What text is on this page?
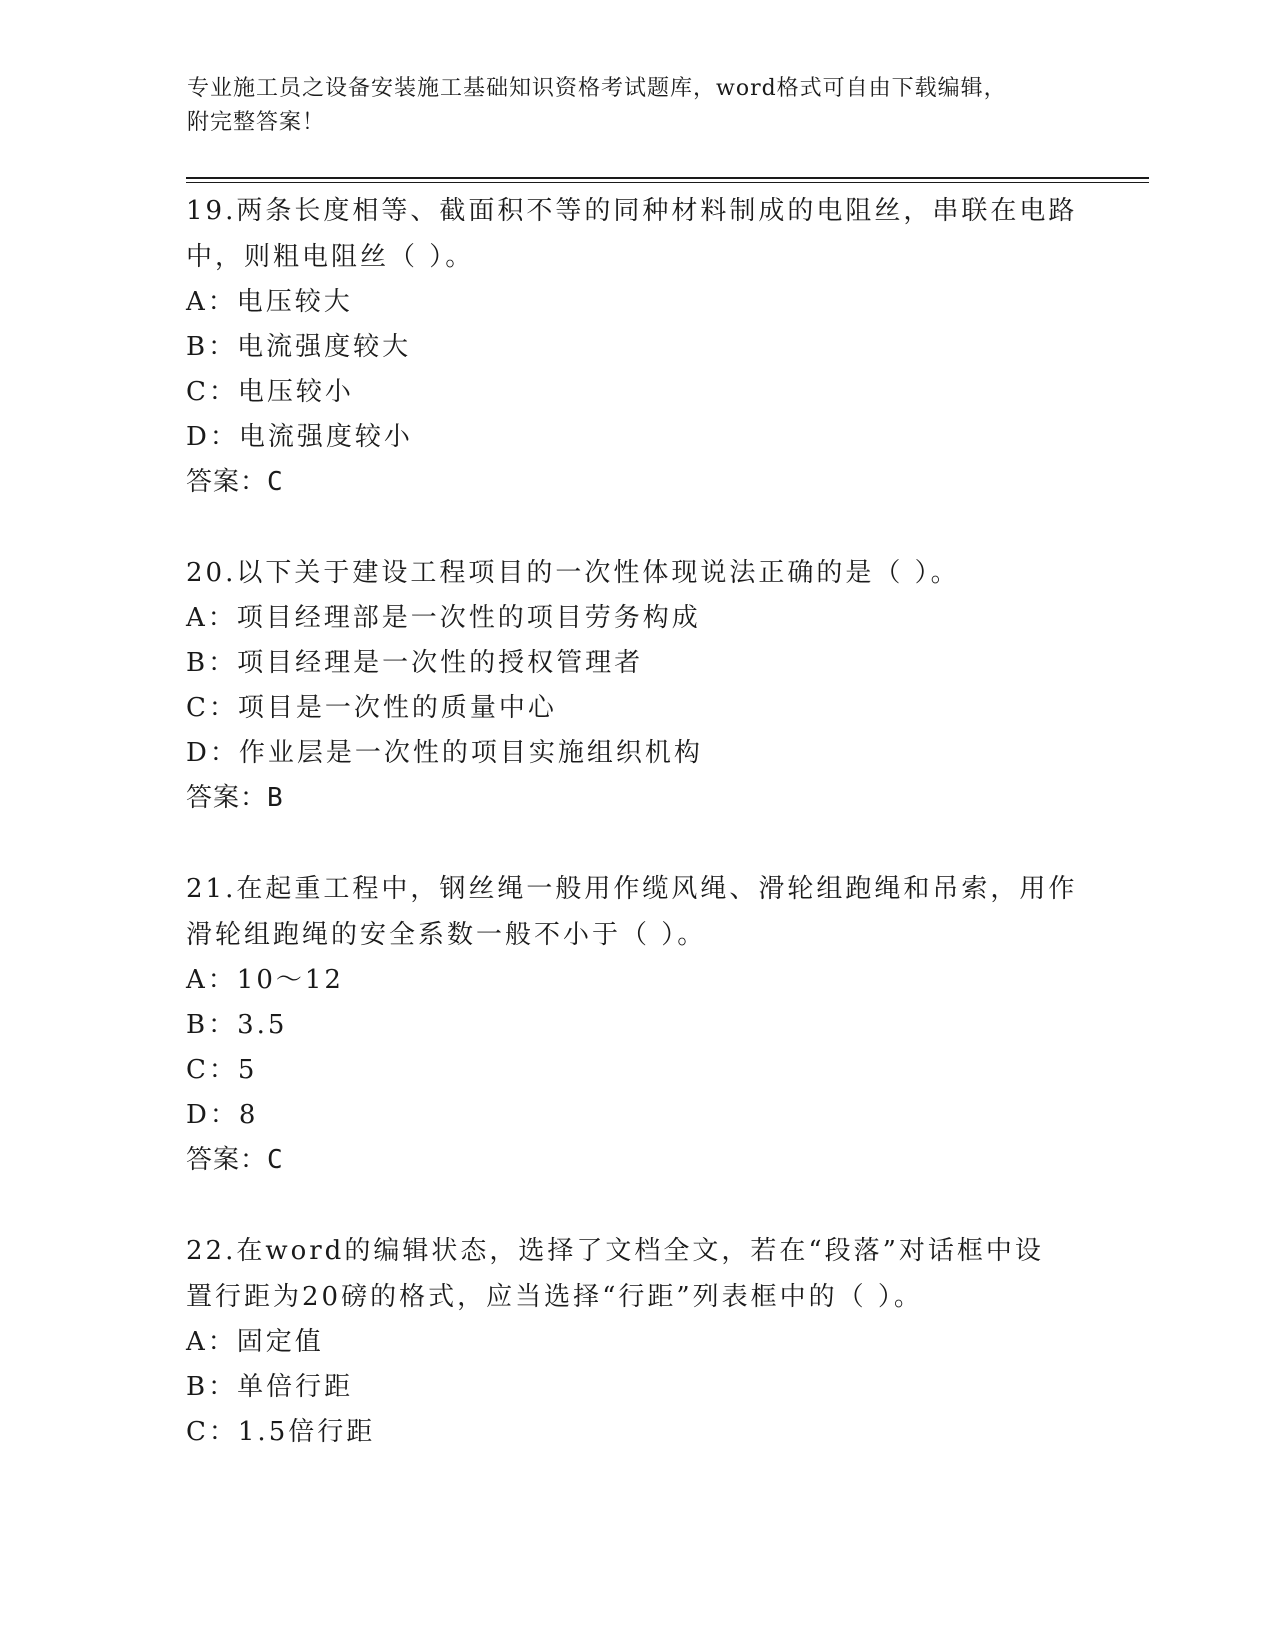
专业施工员之设备安装施工基础知识资格考试题库，word格式可自由下载编辑，
附完整答案！
19.两条长度相等、截面积不等的同种材料制成的电阻丝，串联在电路
中，则粗电阻丝（ ）。
A：电压较大
B：电流强度较大
C：电压较小
D：电流强度较小
答案：C
20.以下关于建设工程项目的一次性体现说法正确的是（ ）。
A：项目经理部是一次性的项目劳务构成
B：项目经理是一次性的授权管理者
C：项目是一次性的质量中心
D：作业层是一次性的项目实施组织机构
答案：B
21.在起重工程中，钢丝绳一般用作缆风绳、滑轮组跑绳和吊索，用作
滑轮组跑绳的安全系数一般不小于（ ）。
A：10～12
B：3.5
C：5
D：8
答案：C
22.在word的编辑状态，选择了文档全文，若在“段落”对话框中设
置行距为20磅的格式，应当选择“行距”列表框中的（ ）。
A：固定值
B：单倍行距
C：1.5倍行距
